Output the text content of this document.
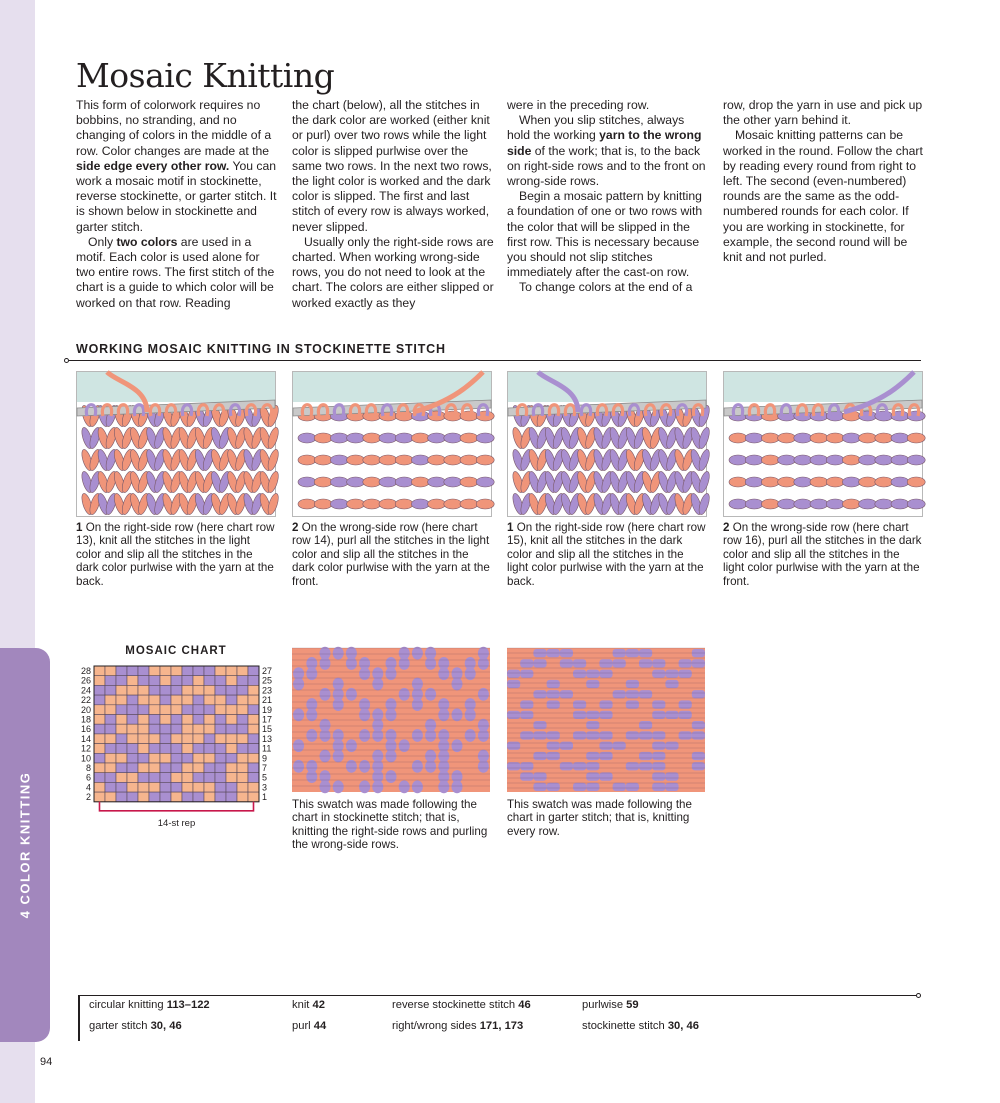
4 COLOR KNITTING
94
Mosaic Knitting

This form of colorwork requires no bobbins, no stranding, and no changing of colors in the middle of a row. Color changes are made at the side edge every other row. You can work a mosaic motif in stockinette, reverse stockinette, or garter stitch. It is shown below in stockinette and garter stitch.

Only two colors are used in a motif. Each color is used alone for two entire rows. The first stitch of the chart is a guide to which color will be worked on that row. Reading

the chart (below), all the stitches in the dark color are worked (either knit or purl) over two rows while the light color is slipped purlwise over the same two rows. In the next two rows, the light color is worked and the dark color is slipped. The first and last stitch of every row is always worked, never slipped.

Usually only the right-side rows are charted. When working wrong-side rows, you do not need to look at the chart. The colors are either slipped or worked exactly as they

were in the preceding row.

When you slip stitches, always hold the working yarn to the wrong side of the work; that is, to the back on right-side rows and to the front on wrong-side rows.

Begin a mosaic pattern by knitting a foundation of one or two rows with the color that will be slipped in the first row. This is necessary because you should not slip stitches immediately after the cast-on row.

To change colors at the end of a

row, drop the yarn in use and pick up the other yarn behind it.

Mosaic knitting patterns can be worked in the round. Follow the chart by reading every round from right to left. The second (even-numbered) rounds are the same as the odd-numbered rounds for each color. If you are working in stockinette, for example, the second round will be knit and not purled.

WORKING MOSAIC KNITTING IN STOCKINETTE STITCH
1 On the right-side row (here chart row 13), knit all the stitches in the light color and slip all the stitches in the dark color purlwise with the yarn at the back.
2 On the wrong-side row (here chart row 14), purl all the stitches in the light color and slip all the stitches in the dark color purlwise with the yarn at the front.
1 On the right-side row (here chart row 15), knit all the stitches in the dark color and slip all the stitches in the light color purlwise with the yarn at the back.
2 On the wrong-side row (here chart row 16), purl all the stitches in the dark color and slip all the stitches in the light color purlwise with the yarn at the front.
MOSAIC CHART
28
26
24
22
20
18
16
14
12
10
8
6
4
2
27
25
23
21
19
17
15
13
11
9
7
5
3
1
14-st rep
This swatch was made following the chart in stockinette stitch; that is, knitting the right-side rows and purling the wrong-side rows.
This swatch was made following the chart in garter stitch; that is, knitting every row.
circular knitting 113–122
garter stitch 30, 46
knit 42
purl 44
reverse stockinette stitch 46
right/wrong sides 171, 173
purlwise 59
stockinette stitch 30, 46
